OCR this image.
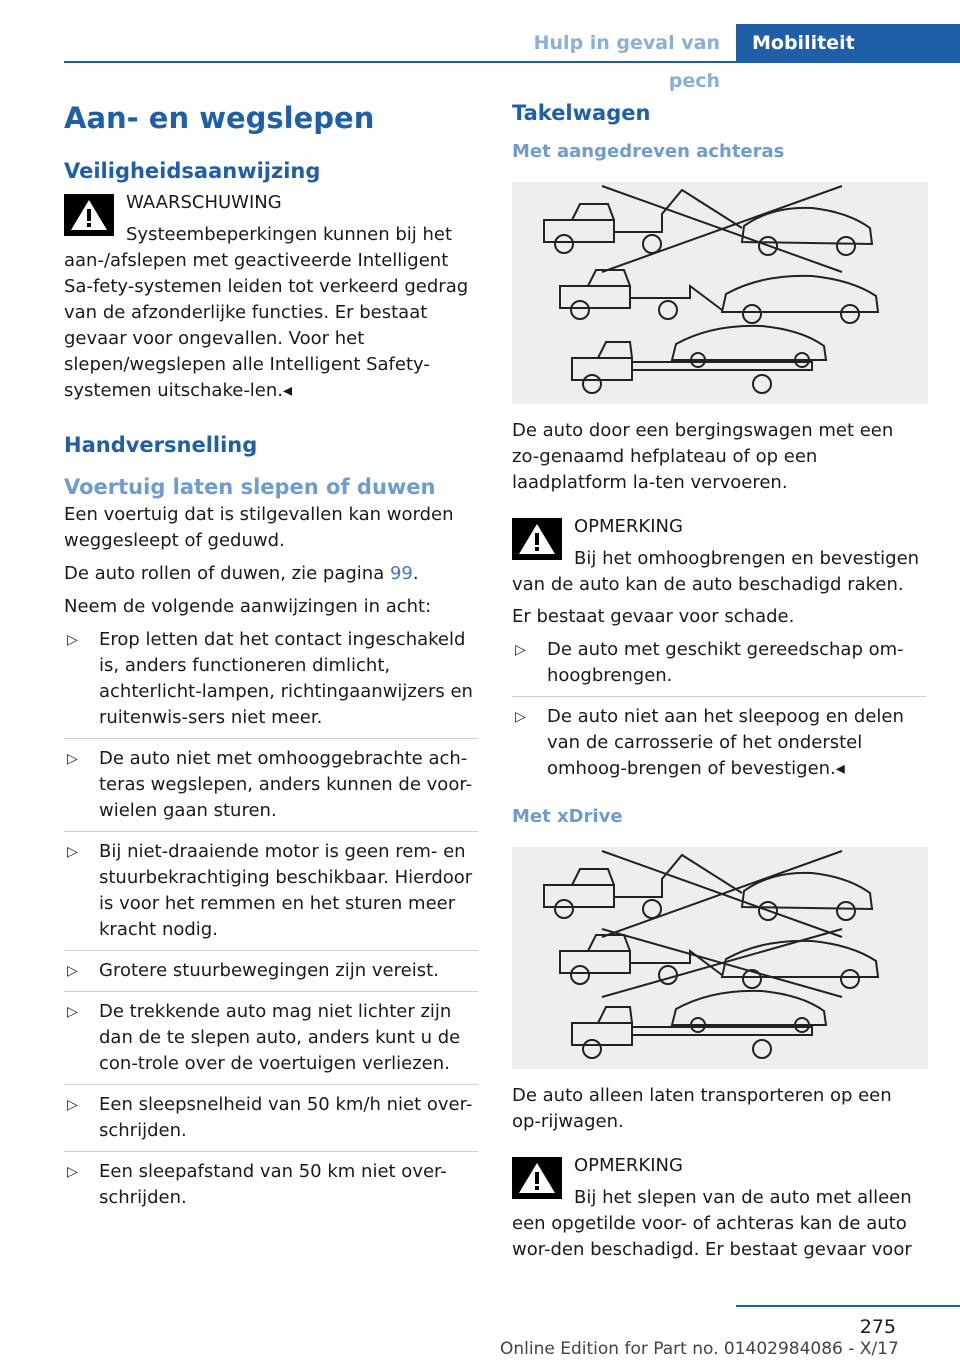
Hulp in geval van pech
Mobiliteit
Aan- en wegslepen
Veiligheidsaanwijzing
WAARSCHUWING
Systeembeperkingen kunnen bij het aan-/afslepen met geactiveerde Intelligent Sa-fety-systemen leiden tot verkeerd gedrag van de afzonderlijke functies. Er bestaat gevaar voor ongevallen. Voor het slepen/wegslepen alle Intelligent Safety-systemen uitschake-len.◂
Handversnelling
Voertuig laten slepen of duwen

Een voertuig dat is stilgevallen kan worden weggesleept of geduwd.

De auto rollen of duwen, zie pagina 99.

Neem de volgende aanwijzingen in acht:

▷ Erop letten dat het contact ingeschakeld is, anders functioneren dimlicht, achterlicht-lampen, richtingaanwijzers en ruitenwis-sers niet meer.
▷ De auto niet met omhooggebrachte ach-teras wegslepen, anders kunnen de voor-wielen gaan sturen.
▷ Bij niet-draaiende motor is geen rem- en stuurbekrachtiging beschikbaar. Hierdoor is voor het remmen en het sturen meer kracht nodig.
▷ Grotere stuurbewegingen zijn vereist.
▷ De trekkende auto mag niet lichter zijn dan de te slepen auto, anders kunt u de con-trole over de voertuigen verliezen.
▷ Een sleepsnelheid van 50 km/h niet over-schrijden.
▷ Een sleepafstand van 50 km niet over-schrijden.
Takelwagen
Met aangedreven achteras

De auto door een bergingswagen met een zo-genaamd hefplateau of op een laadplatform la-ten vervoeren.

OPMERKING
Bij het omhoogbrengen en bevestigen van de auto kan de auto beschadigd raken.

Er bestaat gevaar voor schade.

▷ De auto met geschikt gereedschap om-hoogbrengen.
▷ De auto niet aan het sleepoog en delen van de carrosserie of het onderstel omhoog-brengen of bevestigen.◂
Met xDrive

De auto alleen laten transporteren op een op-rijwagen.

OPMERKING
Bij het slepen van de auto met alleen een opgetilde voor- of achteras kan de auto wor-den beschadigd. Er bestaat gevaar voor
275
Online Edition for Part no. 01402984086 - X/17
